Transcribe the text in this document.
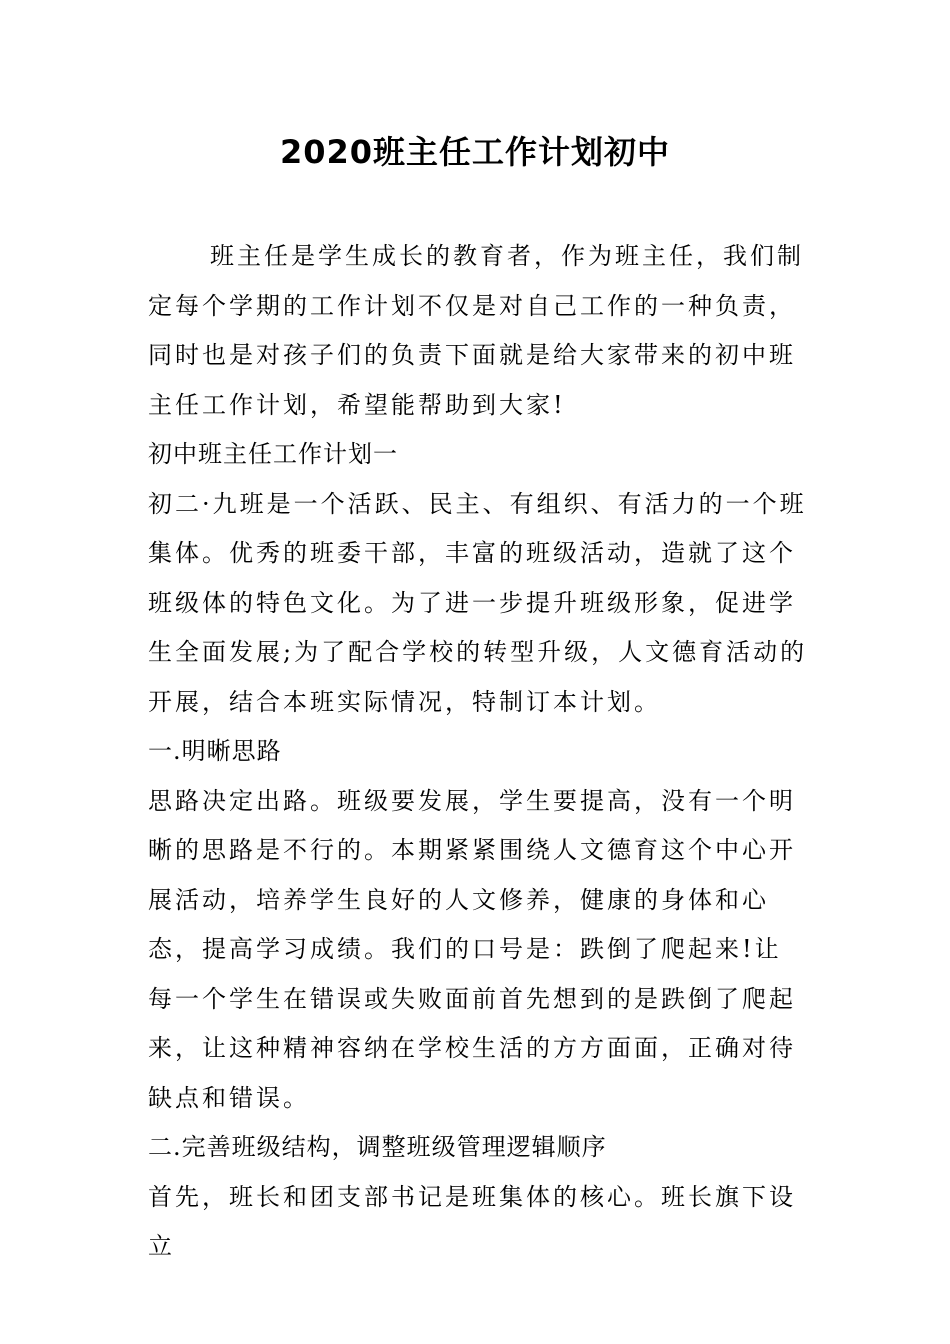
2020班主任工作计划初中

班主任是学生成长的教育者，作为班主任，我们制定每个学期的工作计划不仅是对自己工作的一种负责，同时也是对孩子们的负责下面就是给大家带来的初中班主任工作计划，希望能帮助到大家!

初中班主任工作计划一

初二·九班是一个活跃、民主、有组织、有活力的一个班集体。优秀的班委干部，丰富的班级活动，造就了这个班级体的特色文化。为了进一步提升班级形象，促进学生全面发展;为了配合学校的转型升级，人文德育活动的开展，结合本班实际情况，特制订本计划。

一.明晰思路

思路决定出路。班级要发展，学生要提高，没有一个明晰的思路是不行的。本期紧紧围绕人文德育这个中心开展活动，培养学生良好的人文修养，健康的身体和心态，提高学习成绩。我们的口号是：跌倒了爬起来!让每一个学生在错误或失败面前首先想到的是跌倒了爬起来，让这种精神容纳在学校生活的方方面面，正确对待缺点和错误。

二.完善班级结构，调整班级管理逻辑顺序

首先，班长和团支部书记是班集体的核心。班长旗下设立
